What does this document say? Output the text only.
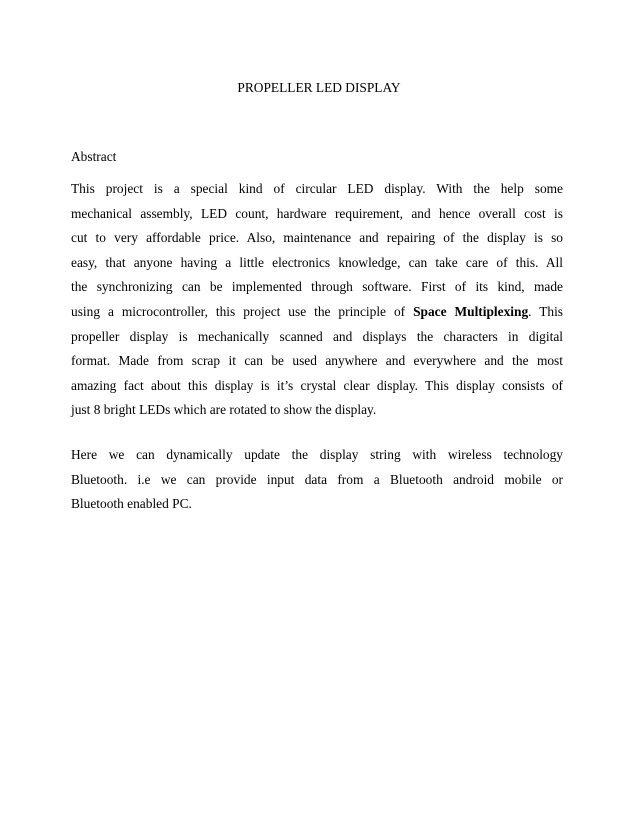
PROPELLER LED DISPLAY
Abstract
This project is a special kind of circular LED display. With the help some
mechanical assembly, LED count, hardware requirement, and hence overall cost is
cut to very affordable price. Also, maintenance and repairing of the display is so
easy, that anyone having a little electronics knowledge, can take care of this. All
the synchronizing can be implemented through software. First of its kind, made
using a microcontroller, this project use the principle of Space Multiplexing. This
propeller display is mechanically scanned and displays the characters in digital
format. Made from scrap it can be used anywhere and everywhere and the most
amazing fact about this display is it’s crystal clear display. This display consists of
just 8 bright LEDs which are rotated to show the display.
Here we can dynamically update the display string with wireless technology
Bluetooth. i.e we can provide input data from a Bluetooth android mobile or
Bluetooth enabled PC.
